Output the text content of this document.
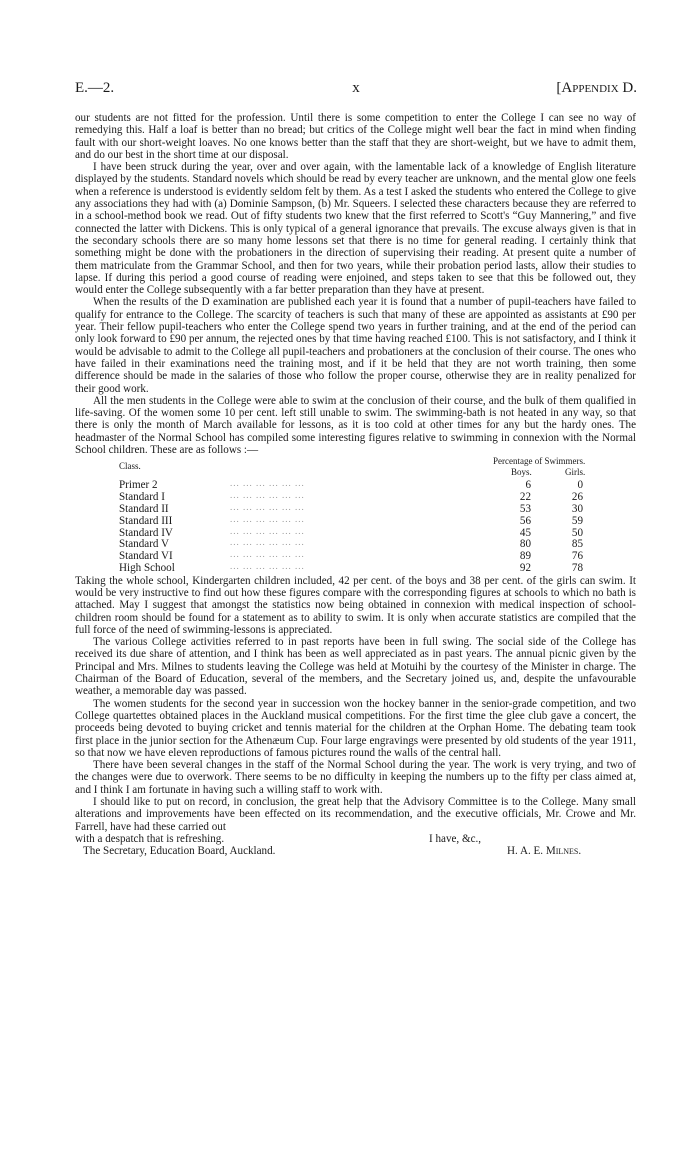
E.—2.	x	[Appendix D.

our students are not fitted for the profession. Until there is some competition to enter the College I can see no way of remedying this. Half a loaf is better than no bread; but critics of the College might well bear the fact in mind when finding fault with our short-weight loaves. No one knows better than the staff that they are short-weight, but we have to admit them, and do our best in the short time at our disposal.

I have been struck during the year, over and over again, with the lamentable lack of a knowledge of English literature displayed by the students. Standard novels which should be read by every teacher are unknown, and the mental glow one feels when a reference is understood is evidently seldom felt by them. As a test I asked the students who entered the College to give any associations they had with (a) Dominie Sampson, (b) Mr. Squeers. I selected these characters because they are referred to in a school-method book we read. Out of fifty students two knew that the first referred to Scott's “Guy Mannering,” and five connected the latter with Dickens. This is only typical of a general ignorance that prevails. The excuse always given is that in the secondary schools there are so many home lessons set that there is no time for general reading. I certainly think that something might be done with the probationers in the direction of supervising their reading. At present quite a number of them matriculate from the Grammar School, and then for two years, while their probation period lasts, allow their studies to lapse. If during this period a good course of reading were enjoined, and steps taken to see that this be followed out, they would enter the College subsequently with a far better preparation than they have at present.

When the results of the D examination are published each year it is found that a number of pupil-teachers have failed to qualify for entrance to the College. The scarcity of teachers is such that many of these are appointed as assistants at £90 per year. Their fellow pupil-teachers who enter the College spend two years in further training, and at the end of the period can only look forward to £90 per annum, the rejected ones by that time having reached £100. This is not satisfactory, and I think it would be advisable to admit to the College all pupil-teachers and probationers at the conclusion of their course. The ones who have failed in their examinations need the training most, and if it be held that they are not worth training, then some difference should be made in the salaries of those who follow the proper course, otherwise they are in reality penalized for their good work.

All the men students in the College were able to swim at the conclusion of their course, and the bulk of them qualified in life-saving. Of the women some 10 per cent. left still unable to swim. The swimming-bath is not heated in any way, so that there is only the month of March available for lessons, as it is too cold at other times for any but the hardy ones. The headmaster of the Normal School has compiled some interesting figures relative to swimming in connexion with the Normal School children. These are as follows :—

Class.	Percentage of Swimmers.
Boys.	Girls.
Primer 2	... ... ... ... ... ...	6	0
Standard I	... ... ... ... ... ...	22	26
Standard II	... ... ... ... ... ...	53	30
Standard III	... ... ... ... ... ...	56	59
Standard IV	... ... ... ... ... ...	45	50
Standard V	... ... ... ... ... ...	80	85
Standard VI	... ... ... ... ... ...	89	76
High School	... ... ... ... ... ...	92	78

Taking the whole school, Kindergarten children included, 42 per cent. of the boys and 38 per cent. of the girls can swim. It would be very instructive to find out how these figures compare with the corresponding figures at schools to which no bath is attached. May I suggest that amongst the statistics now being obtained in connexion with medical inspection of school-children room should be found for a statement as to ability to swim. It is only when accurate statistics are compiled that the full force of the need of swimming-lessons is appreciated.

The various College activities referred to in past reports have been in full swing. The social side of the College has received its due share of attention, and I think has been as well appreciated as in past years. The annual picnic given by the Principal and Mrs. Milnes to students leaving the College was held at Motuihi by the courtesy of the Minister in charge. The Chairman of the Board of Education, several of the members, and the Secretary joined us, and, despite the unfavourable weather, a memorable day was passed.

The women students for the second year in succession won the hockey banner in the senior-grade competition, and two College quartettes obtained places in the Auckland musical competitions. For the first time the glee club gave a concert, the proceeds being devoted to buying cricket and tennis material for the children at the Orphan Home. The debating team took first place in the junior section for the Athenæum Cup. Four large engravings were presented by old students of the year 1911, so that now we have eleven reproductions of famous pictures round the walls of the central hall.

There have been several changes in the staff of the Normal School during the year. The work is very trying, and two of the changes were due to overwork. There seems to be no difficulty in keeping the numbers up to the fifty per class aimed at, and I think I am fortunate in having such a willing staff to work with.

I should like to put on record, in conclusion, the great help that the Advisory Committee is to the College. Many small alterations and improvements have been effected on its recommendation, and the executive officials, Mr. Crowe and Mr. Farrell, have had these carried out

with a despatch that is refreshing.	I have, &c.,
The Secretary, Education Board, Auckland.	H. A. E. Milnes.
